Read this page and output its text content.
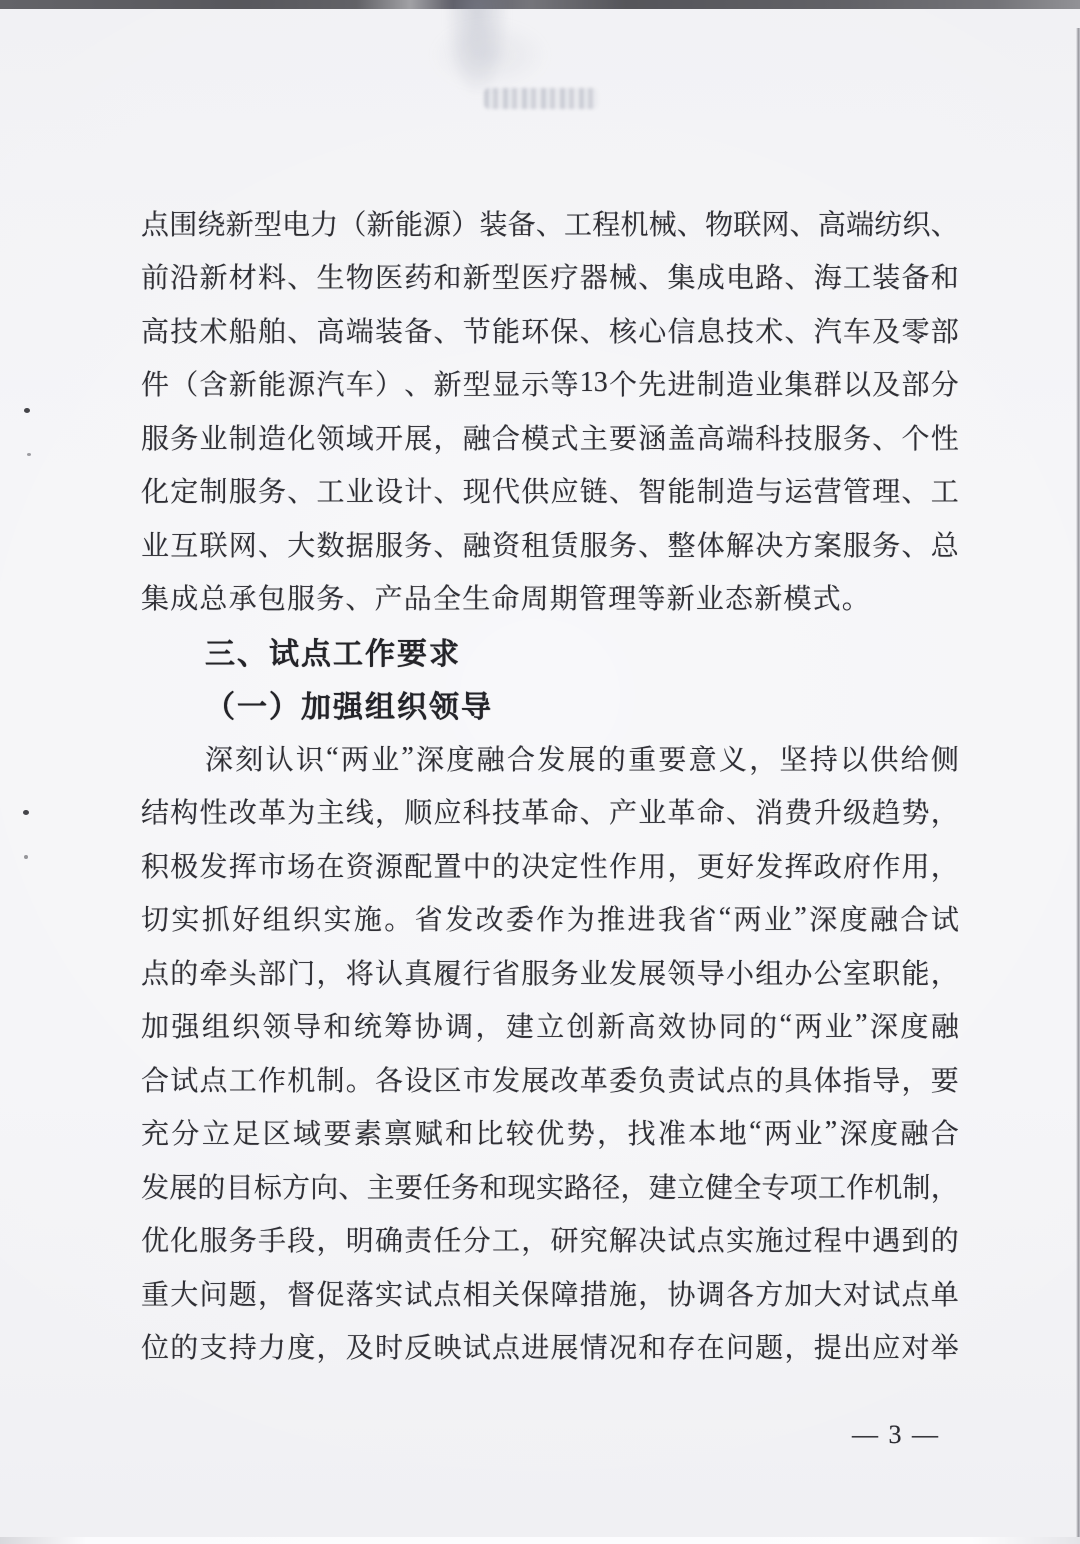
点 围 绕 新 型 电 力 （ 新 能 源 ） 装 备 、 工 程 机 械 、 物 联 网 、 高 端 纺 织 、
前 沿 新 材 料 、 生 物 医 药 和 新 型 医 疗 器 械 、 集 成 电 路 、 海 工 装 备 和
高 技 术 船 舶 、 高 端 装 备 、 节 能 环 保 、 核 心 信 息 技 术 、 汽 车 及 零 部
件 （ 含 新 能 源 汽 车 ） 、 新 型 显 示 等 13 个 先 进 制 造 业 集 群 以 及 部 分
服 务 业 制 造 化 领 域 开 展 ， 融 合 模 式 主 要 涵 盖 高 端 科 技 服 务 、 个 性
化 定 制 服 务 、 工 业 设 计 、 现 代 供 应 链 、 智 能 制 造 与 运 营 管 理 、 工
业 互 联 网 、 大 数 据 服 务 、 融 资 租 赁 服 务 、 整 体 解 决 方 案 服 务 、 总
集成总承包服务、产品全生命周期管理等新业态新模式。
三、试点工作要求
（一）加强组织领导
深 刻 认 识 “ 两 业 ” 深 度 融 合 发 展 的 重 要 意 义 ， 坚 持 以 供 给 侧
结 构 性 改 革 为 主 线 ， 顺 应 科 技 革 命 、 产 业 革 命 、 消 费 升 级 趋 势 ，
积 极 发 挥 市 场 在 资 源 配 置 中 的 决 定 性 作 用 ， 更 好 发 挥 政 府 作 用 ，
切 实 抓 好 组 织 实 施 。 省 发 改 委 作 为 推 进 我 省 “ 两 业 ” 深 度 融 合 试
点 的 牵 头 部 门 ， 将 认 真 履 行 省 服 务 业 发 展 领 导 小 组 办 公 室 职 能 ，
加 强 组 织 领 导 和 统 筹 协 调 ， 建 立 创 新 高 效 协 同 的 “ 两 业 ” 深 度 融
合 试 点 工 作 机 制 。 各 设 区 市 发 展 改 革 委 负 责 试 点 的 具 体 指 导 ， 要
充 分 立 足 区 域 要 素 禀 赋 和 比 较 优 势 ， 找 准 本 地 “ 两 业 ” 深 度 融 合
发 展 的 目 标 方 向 、 主 要 任 务 和 现 实 路 径 ， 建 立 健 全 专 项 工 作 机 制 ，
优 化 服 务 手 段 ， 明 确 责 任 分 工 ， 研 究 解 决 试 点 实 施 过 程 中 遇 到 的
重 大 问 题 ， 督 促 落 实 试 点 相 关 保 障 措 施 ， 协 调 各 方 加 大 对 试 点 单
位 的 支 持 力 度 ， 及 时 反 映 试 点 进 展 情 况 和 存 在 问 题 ， 提 出 应 对 举
— 3 —
